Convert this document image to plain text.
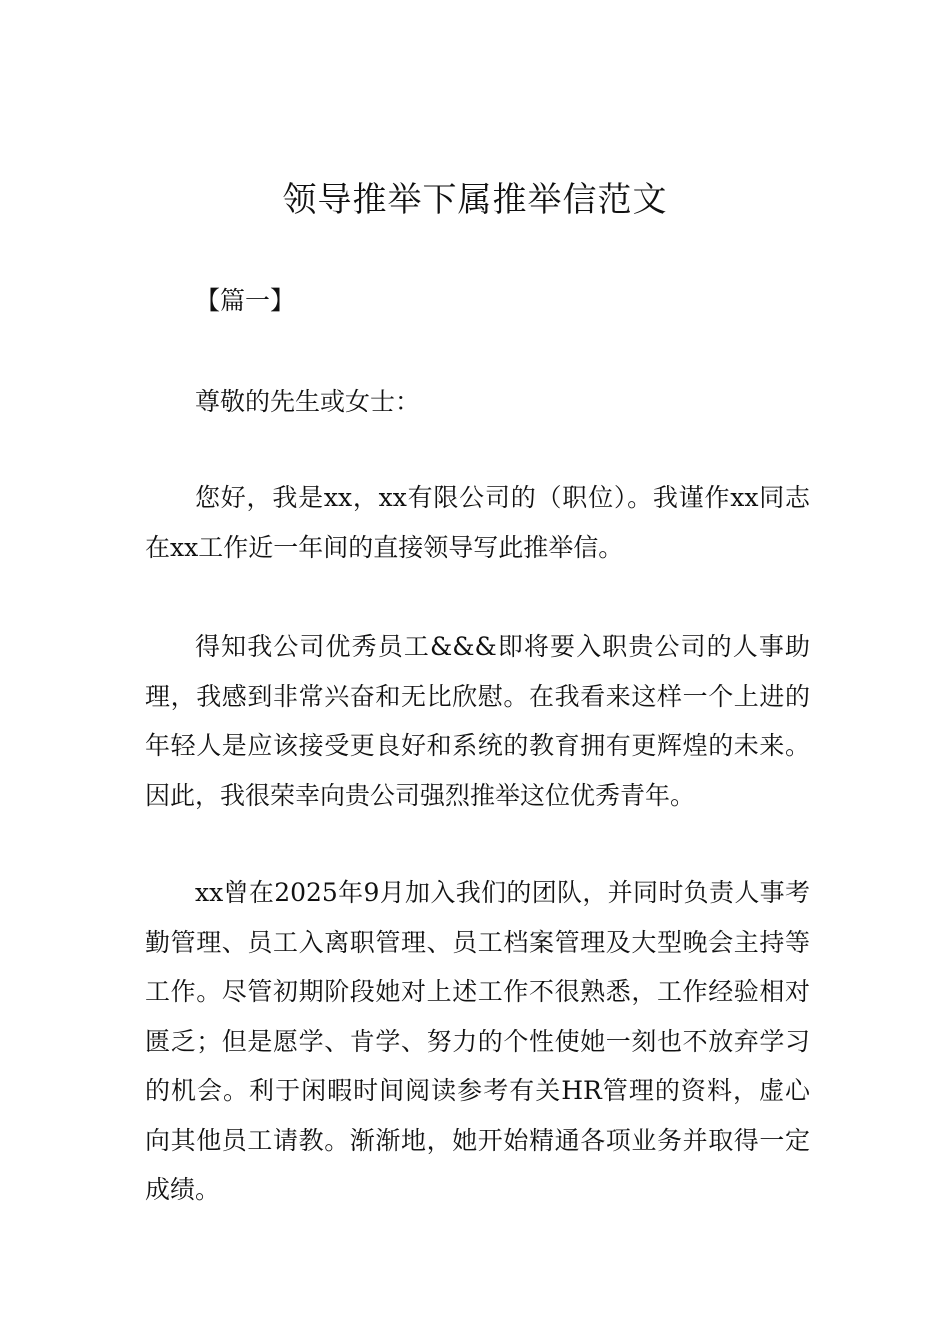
领导推举下属推举信范文

【篇一】

尊敬的先生或女士：

您好，我是xx，xx有限公司的（职位）。我谨作xx同志在xx工作近一年间的直接领导写此推举信。

得知我公司优秀员工&&&即将要入职贵公司的人事助理，我感到非常兴奋和无比欣慰。在我看来这样一个上进的年轻人是应该接受更良好和系统的教育拥有更辉煌的未来。因此，我很荣幸向贵公司强烈推举这位优秀青年。

xx曾在2025年9月加入我们的团队，并同时负责人事考勤管理、员工入离职管理、员工档案管理及大型晚会主持等工作。尽管初期阶段她对上述工作不很熟悉，工作经验相对匮乏；但是愿学、肯学、努力的个性使她一刻也不放弃学习的机会。利于闲暇时间阅读参考有关HR管理的资料，虚心向其他员工请教。渐渐地，她开始精通各项业务并取得一定成绩。
